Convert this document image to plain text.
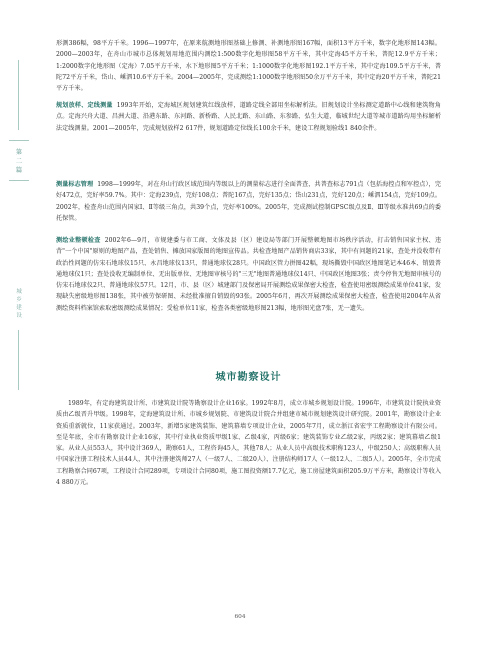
第
二
篇
城
乡
建
设

形测386幅，98平方千米。1996—1997年，在原来航测地形图基础上修测、补测地形图167幅，面积13平方千米，数字化地形图143幅。2000—2003年，在舟山市城市总体规划用地范围内测绘1:500数字化地形图58平方千米，其中定海45平方千米，普陀12.9平方千米；1:2000数字化地形图（定海）7.05平方千米，水下地形图5平方千米；1:1000数字化地形图192.1平方千米，其中定海109.5平方千米，普陀72平方千米，岱山、嵊泗10.6平方千米。2004—2005年，完成测绘1:1000数字地形图50余万平方千米，其中定海20平方千米，普陀21平方千米。

规划放样、定线测量 1993年开始，定海城区规划建筑红线放样，道路定线全部用坐标解析法。旧规划设计坐标测定道路中心线和建筑物角点。定海兴舟大道、昌洲大道、沿港东路、东河路、新桥路、人民北路、东山路、东参路、弘生大道，临城世纪大道等城市道路均用坐标解析法定线测量。2001—2005年，完成规划放样2 617件，规划道路定位线长100余千米，建设工程规划验线1 840余件。

测量标志管理 1998—1999年，对在舟山行政区域范围内等级以上的测量标志进行全面普查，共普查标志791点（包括海控点和军控点），完好472点，完好率59.7%。其中：定海239点，完好108点；普陀167点，完好135点；岱山231点，完好120点；嵊泗154点，完好109点。2002年，检查舟山范围内国家Ⅰ、Ⅱ等级三角点，共39个点，完好率100%。2005年，完成测试控制GPSC级点及Ⅱ、Ⅲ等级水准共69点的委托保管。

测绘业整顿检查 2002年6—9月，市规建委与市工商、文体及县（区）建设局等部门开展整顿地图市场秩序活动，打击销售国家主权、违背"一个中国"原则的地图产品，查处销售、摊放国家版图的地图宣传品。共检查地图产品销售商店33家，其中有问题的21家，查处并没收带有政治性问题的仿宋石地球仪15只、永昌地球仪13只、普通地球仪28只。中国政区管力拼图42幅，现场撕毁中国政区地图笔记本46本、销毁普通地球仪1只；查处没收无编制单位、无出版单位、无地图审核号的"三无"地图普通地球仪14只、中国政区地图3张；责令停售无地图审核号的仿宋石地球仪2只、普通地球仪57只。12月，市、县（区）城建部门及保密局开展测绘成果保密大检查，检查使用密级测绘成果单位41家，发现缺失密级地形图138张，其中被劳保研图、未经批准擅自销毁的93张。2005年6月，再次开展测绘成果保密大检查，检查使用2004年从省测绘资料档案馆索取密级测绘成果情况；受检单位11家，检查各类密级地形图213幅，地形图光盘7张，无一遗失。

城市勘察设计

1989年，有定海建筑设计所、市建筑设计院等勘察设计企业16家。1992年8月，成立市城乡规划设计院。1996年，市建筑设计院执业资质由乙级晋升甲级。1998年，定海建筑设计所、市城乡规划院、市建筑设计院合并组建市城市规划建筑设计研究院。2001年，勘察设计企业资质重新就位，11家获通过。2003年，新增5家建筑装饰、建筑幕墙专项设计企业，2005年7月，成立浙江省宏宇工程勘察设计有限公司。至是年底，全市有勘察设计企业16家，其中行业执业资质甲级1家、乙级4家，丙级6家；建筑装饰专业乙级2家，丙级2家；建筑幕墙乙级1家。从业人员553人，其中设计369人，勘察61人，工程咨询45人，其他78人；从业人员中高级技术职称123人，中级250人；高级职称人员中国家注册工程技术人员44人，其中注册建筑师27人（一级7人、二级20人）、注册结构师17人（一级12人、二级5人）。2005年，全市完成工程勘察合同67项，工程设计合同289项，专项设计合同80项，施工图投资额17.7亿元，施工房屋建筑面积205.9万平方米，勘察设计等收入4 880万元。

604
